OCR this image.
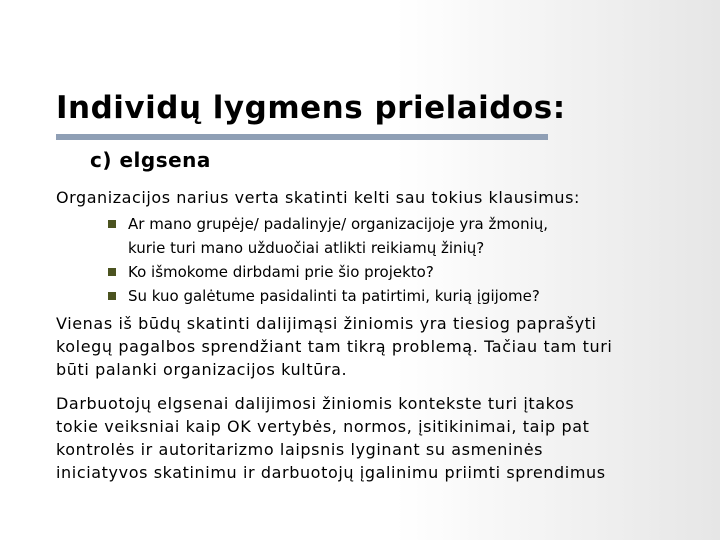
Individų lygmens prielaidos:
c) elgsena

Organizacijos narius verta skatinti kelti sau tokius klausimus:

Ar mano grupėje/ padalinyje/ organizacijoje yra žmonių,
kurie turi mano užduočiai atlikti reikiamų žinių?
Ko išmokome dirbdami prie šio projekto?
Su kuo galėtume pasidalinti ta patirtimi, kurią įgijome?

Vienas iš būdų skatinti dalijimąsi žiniomis yra tiesiog paprašyti
kolegų pagalbos sprendžiant tam tikrą problemą. Tačiau tam turi
būti palanki organizacijos kultūra.

Darbuotojų elgsenai dalijimosi žiniomis kontekste turi įtakos
tokie veiksniai kaip OK vertybės, normos, įsitikinimai, taip pat
kontrolės ir autoritarizmo laipsnis lyginant su asmeninės
iniciatyvos skatinimu ir darbuotojų įgalinimu priimti sprendimus
